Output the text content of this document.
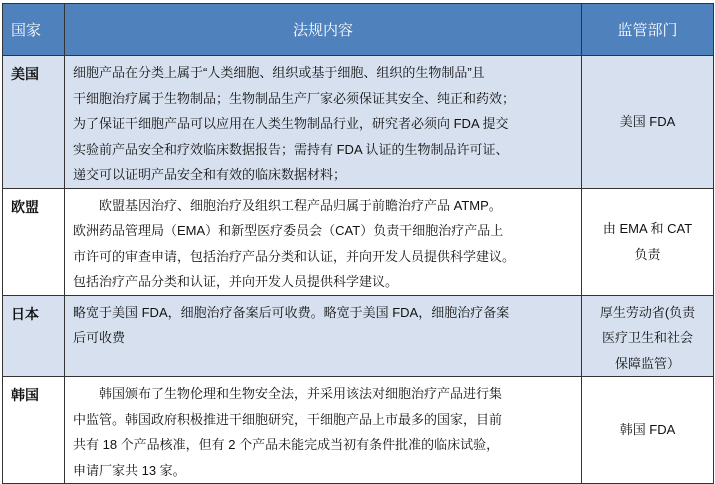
国家	法规内容	监管部门
美国	细胞产品在分类上属于“人类细胞、组织或基于细胞、组织的生物制品”且
干细胞治疗属于生物制品；生物制品生产厂家必须保证其安全、纯正和药效；
为了保证干细胞产品可以应用在人类生物制品行业，研究者必须向 FDA 提交
实验前产品安全和疗效临床数据报告；需持有 FDA 认证的生物制品许可证、
递交可以证明产品安全和有效的临床数据材料；	美国 FDA

欧盟	　　欧盟基因治疗、细胞治疗及组织工程产品归属于前瞻治疗产品 ATMP。
欧洲药品管理局（EMA）和新型医疗委员会（CAT）负责干细胞治疗产品上
市许可的审查申请，包括治疗产品分类和认证，并向开发人员提供科学建议。
包括治疗产品分类和认证，并向开发人员提供科学建议。	由 EMA 和 CAT
负责

日本	略宽于美国 FDA，细胞治疗备案后可收费。略宽于美国 FDA，细胞治疗备案
后可收费	厚生劳动省(负责
医疗卫生和社会
保障监管）

韩国	　　韩国颁布了生物伦理和生物安全法，并采用该法对细胞治疗产品进行集
中监管。韩国政府积极推进干细胞研究，干细胞产品上市最多的国家，目前
共有 18 个产品核准，但有 2 个产品未能完成当初有条件批准的临床试验，
申请厂家共 13 家。	韩国 FDA
